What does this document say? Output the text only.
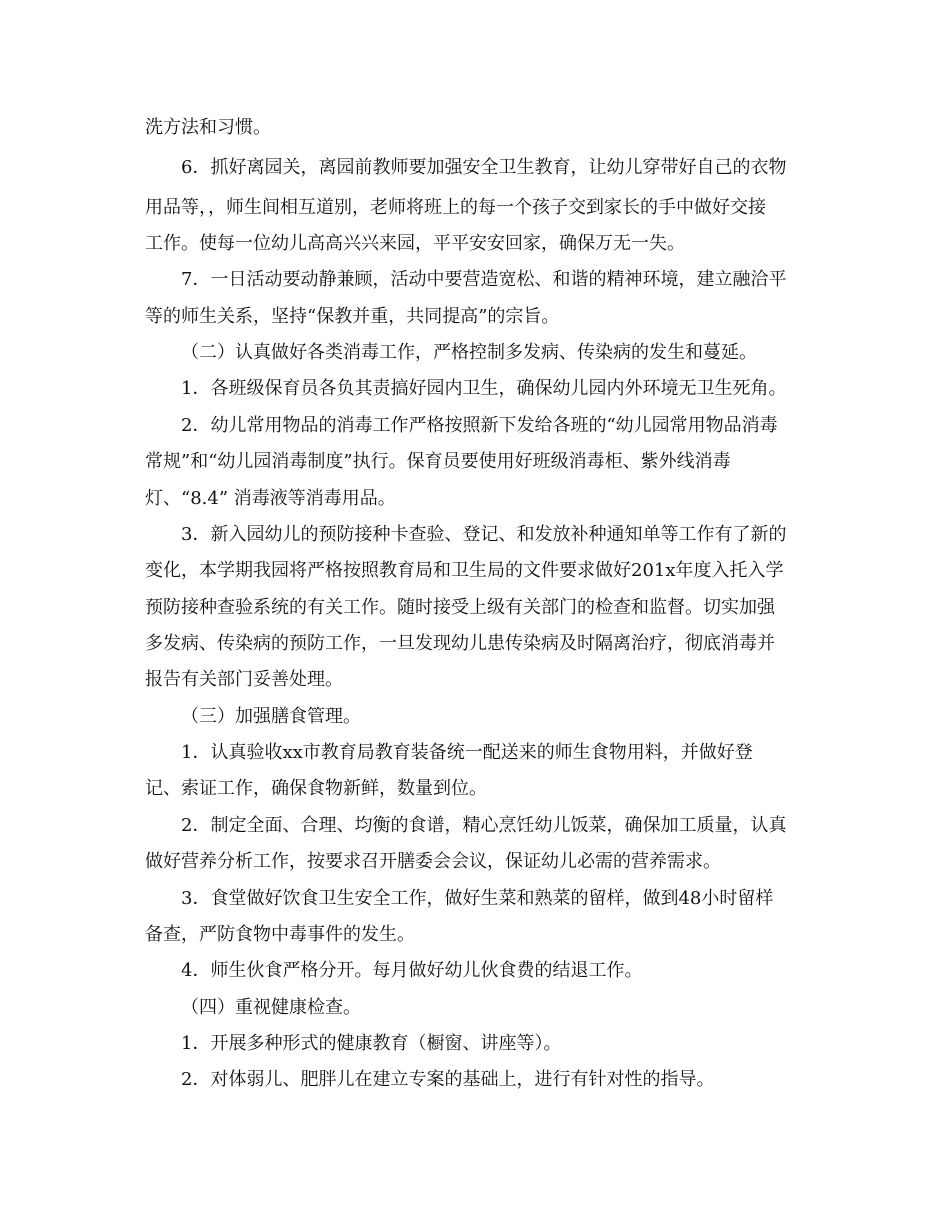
洗方法和习惯。
6．抓好离园关，离园前教师要加强安全卫生教育，让幼儿穿带好自己的衣物
用品等，，师生间相互道别，老师将班上的每一个孩子交到家长的手中做好交接
工作。使每一位幼儿高高兴兴来园，平平安安回家，确保万无一失。
7．一日活动要动静兼顾，活动中要营造宽松、和谐的精神环境，建立融洽平
等的师生关系，坚持“保教并重，共同提高”的宗旨。
（二）认真做好各类消毒工作，严格控制多发病、传染病的发生和蔓延。
1．各班级保育员各负其责搞好园内卫生，确保幼儿园内外环境无卫生死角。
2．幼儿常用物品的消毒工作严格按照新下发给各班的“幼儿园常用物品消毒
常规”和“幼儿园消毒制度”执行。保育员要使用好班级消毒柜、紫外线消毒
灯、“8.4” 消毒液等消毒用品。
3．新入园幼儿的预防接种卡查验、登记、和发放补种通知单等工作有了新的
变化，本学期我园将严格按照教育局和卫生局的文件要求做好201x年度入托入学
预防接种查验系统的有关工作。随时接受上级有关部门的检查和监督。切实加强
多发病、传染病的预防工作，一旦发现幼儿患传染病及时隔离治疗，彻底消毒并
报告有关部门妥善处理。
（三）加强膳食管理。
1．认真验收xx市教育局教育装备统一配送来的师生食物用料，并做好登
记、索证工作，确保食物新鲜，数量到位。
2．制定全面、合理、均衡的食谱，精心烹饪幼儿饭菜，确保加工质量，认真
做好营养分析工作，按要求召开膳委会会议，保证幼儿必需的营养需求。
3．食堂做好饮食卫生安全工作，做好生菜和熟菜的留样，做到48小时留样
备查，严防食物中毒事件的发生。
4．师生伙食严格分开。每月做好幼儿伙食费的结退工作。
（四）重视健康检查。
1．开展多种形式的健康教育（橱窗、讲座等）。
2．对体弱儿、肥胖儿在建立专案的基础上，进行有针对性的指导。
